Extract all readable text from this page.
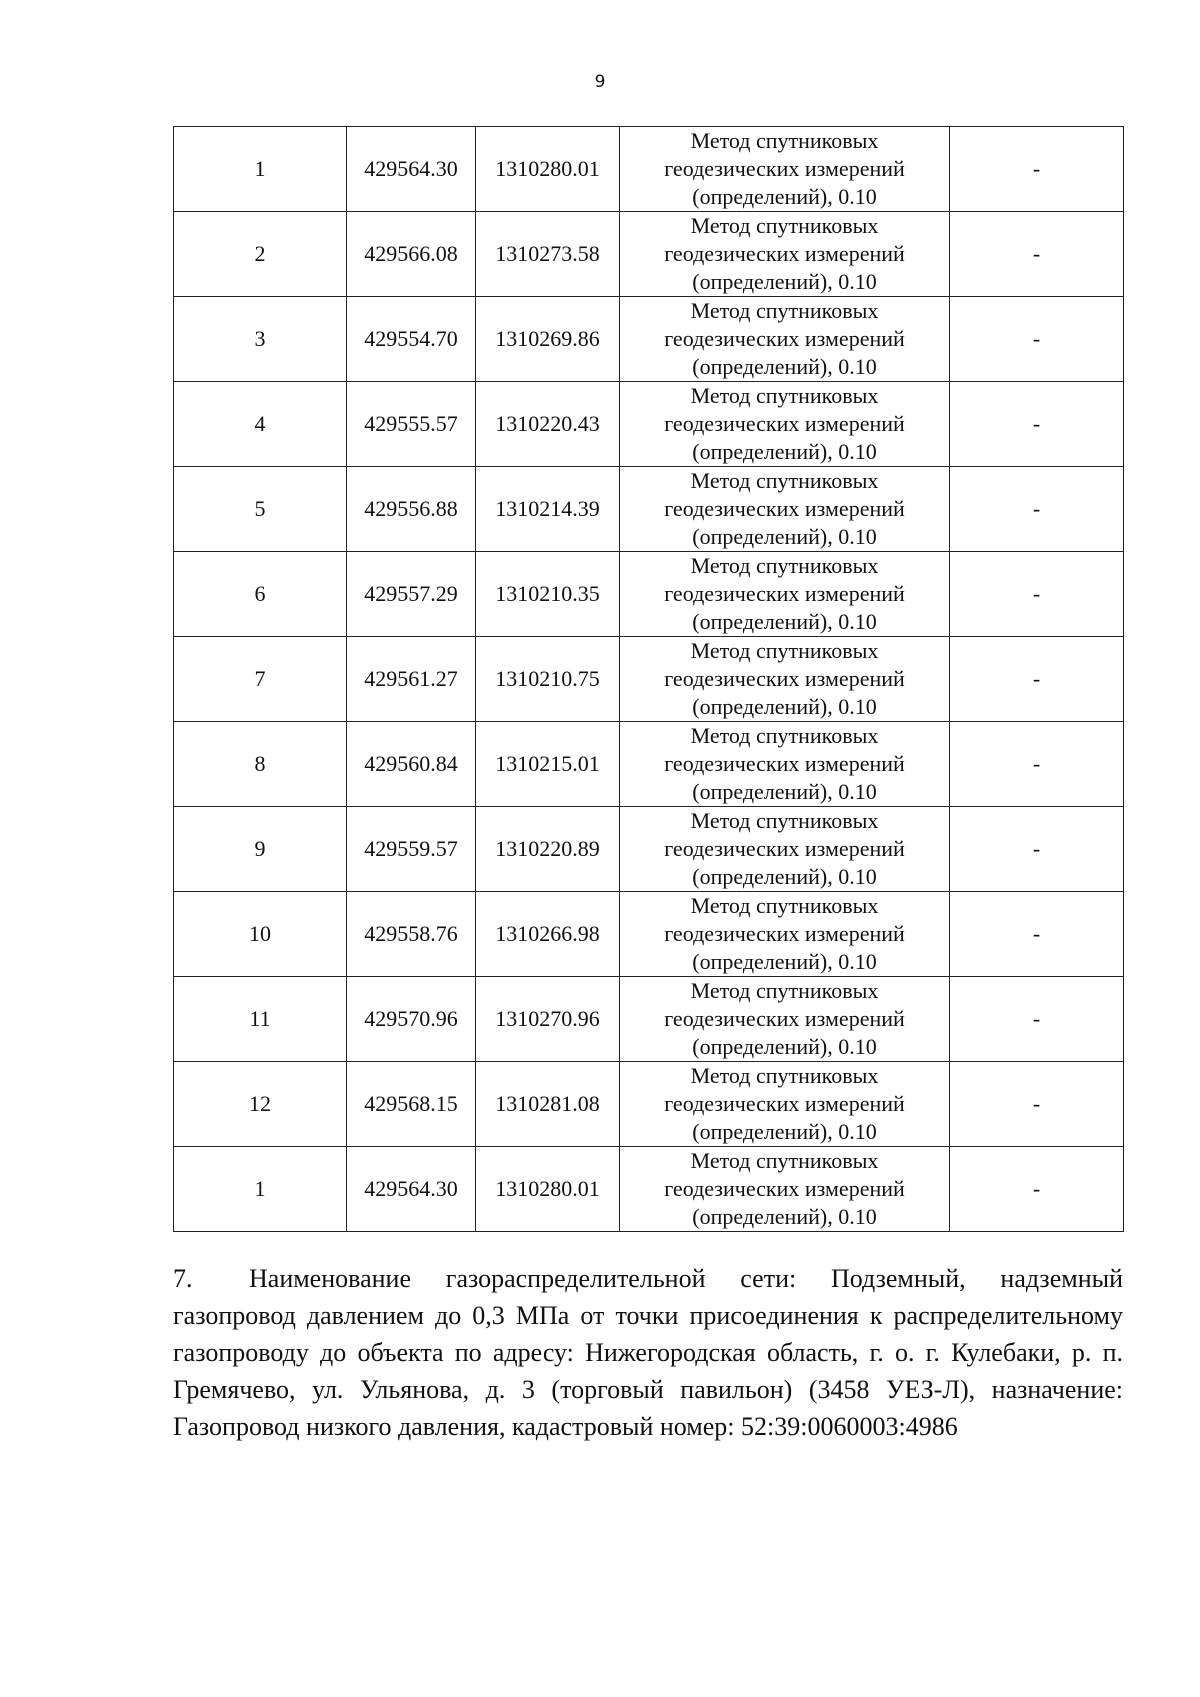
9
1	429564.30	1310280.01	Метод спутниковых
геодезических измерений
(определений), 0.10	-
2	429566.08	1310273.58	Метод спутниковых
геодезических измерений
(определений), 0.10	-
3	429554.70	1310269.86	Метод спутниковых
геодезических измерений
(определений), 0.10	-
4	429555.57	1310220.43	Метод спутниковых
геодезических измерений
(определений), 0.10	-
5	429556.88	1310214.39	Метод спутниковых
геодезических измерений
(определений), 0.10	-
6	429557.29	1310210.35	Метод спутниковых
геодезических измерений
(определений), 0.10	-
7	429561.27	1310210.75	Метод спутниковых
геодезических измерений
(определений), 0.10	-
8	429560.84	1310215.01	Метод спутниковых
геодезических измерений
(определений), 0.10	-
9	429559.57	1310220.89	Метод спутниковых
геодезических измерений
(определений), 0.10	-
10	429558.76	1310266.98	Метод спутниковых
геодезических измерений
(определений), 0.10	-
11	429570.96	1310270.96	Метод спутниковых
геодезических измерений
(определений), 0.10	-
12	429568.15	1310281.08	Метод спутниковых
геодезических измерений
(определений), 0.10	-
1	429564.30	1310280.01	Метод спутниковых
геодезических измерений
(определений), 0.10	-

7. Наименование газораспределительной сети: Подземный, надземный газопровод давлением до 0,3 МПа от точки присоединения к распределительному газопроводу до объекта по адресу: Нижегородская область, г. о. г. Кулебаки, р. п. Гремячево, ул. Ульянова, д. 3 (торговый павильон) (3458 УЕЗ-Л), назначение: Газопровод низкого давления, кадастровый номер: 52:39:0060003:4986
